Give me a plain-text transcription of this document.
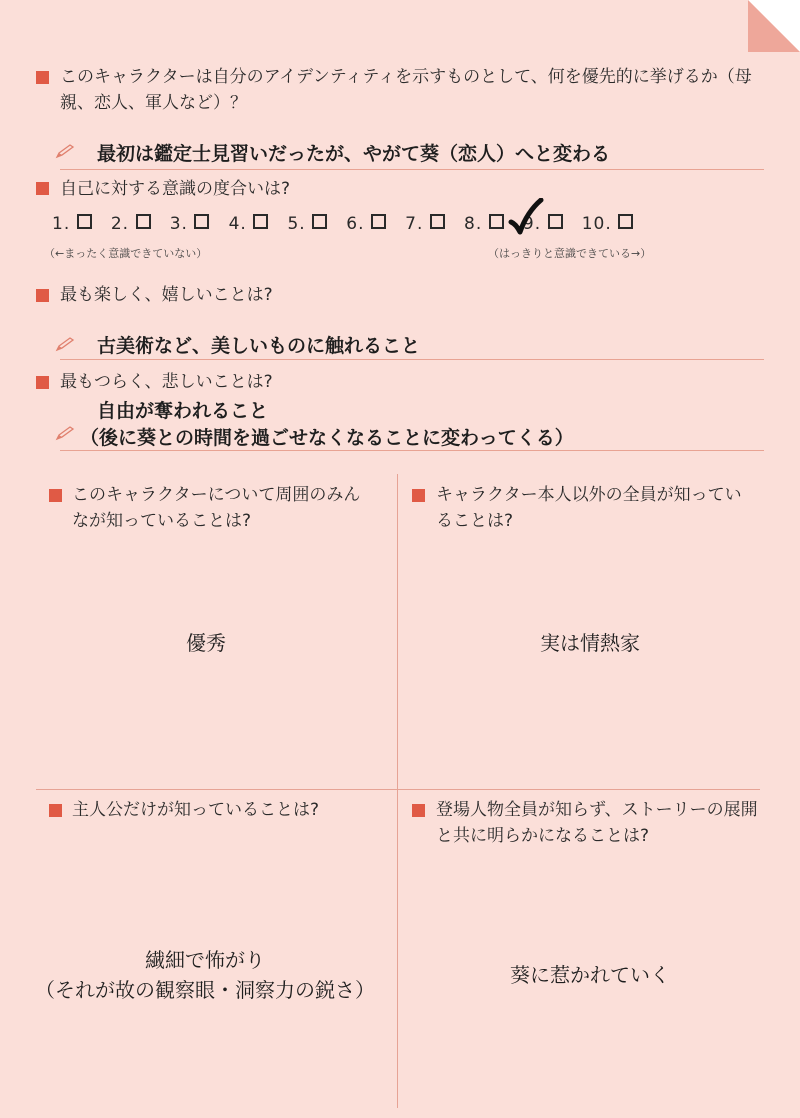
このキャラクターは自分のアイデンティティを示すものとして、何を優先的に挙げるか（母親、恋人、軍人など）？
最初は鑑定士見習いだったが、やがて葵（恋人）へと変わる
自己に対する意識の度合いは?
1. 2. 3. 4. 5. 6. 7. 8. 9. 10.
（←まったく意識できていない）	（はっきりと意識できている→）
最も楽しく、嬉しいことは?
古美術など、美しいものに触れること
最もつらく、悲しいことは?
自由が奪われること
（後に葵との時間を過ごせなくなることに変わってくる）
このキャラクターについて周囲のみんなが知っていることは?
優秀
キャラクター本人以外の全員が知っていることは?
実は情熱家
主人公だけが知っていることは?
繊細で怖がり
（それが故の観察眼・洞察力の鋭さ）
登場人物全員が知らず、ストーリーの展開と共に明らかになることは?
葵に惹かれていく
